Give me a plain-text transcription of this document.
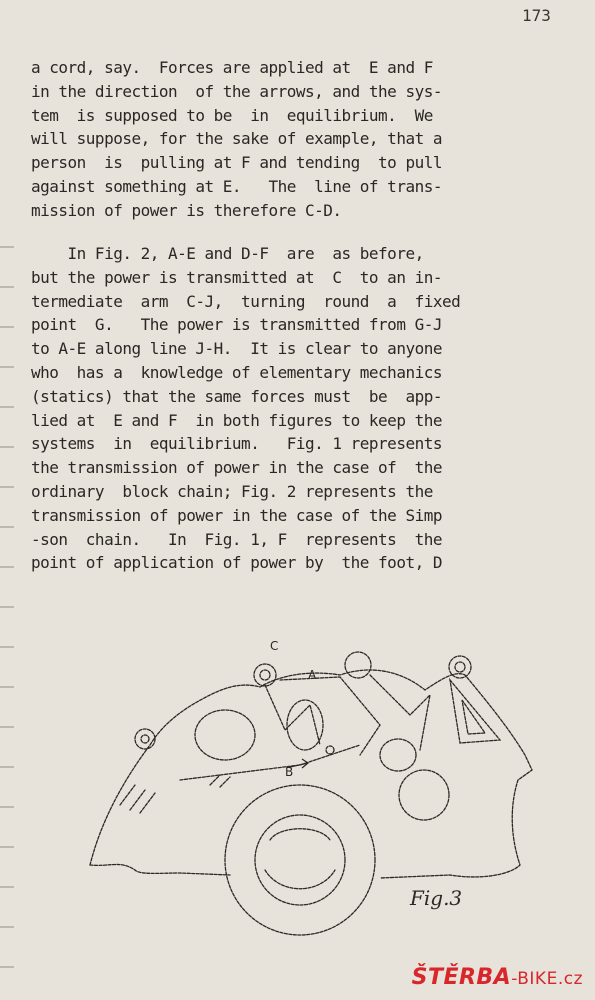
173
a cord, say.  Forces are applied at  E and F
in the direction  of the arrows, and the sys-
tem  is supposed to be  in  equilibrium.  We
will suppose, for the sake of example, that a
person  is  pulling at F and tending  to pull
against something at E.   The  line of trans-
mission of power is therefore C-D.
In Fig. 2, A-E and D-F  are  as before,
but the power is transmitted at  C  to an in-
termediate  arm  C-J,  turning  round  a  fixed
point  G.   The power is transmitted from G-J
to A-E along line J-H.  It is clear to anyone
who  has a  knowledge of elementary mechanics
(statics) that the same forces must  be  app-
lied at  E and F  in both figures to keep the
systems  in  equilibrium.   Fig. 1 represents
the transmission of power in the case of  the
ordinary  block chain; Fig. 2 represents the
transmission of power in the case of the Simp
-son  chain.   In  Fig. 1, F  represents  the
point of application of power by  the foot, D
C
A
B
Fig.3
ŠTĚRBA-BIKE.cz
